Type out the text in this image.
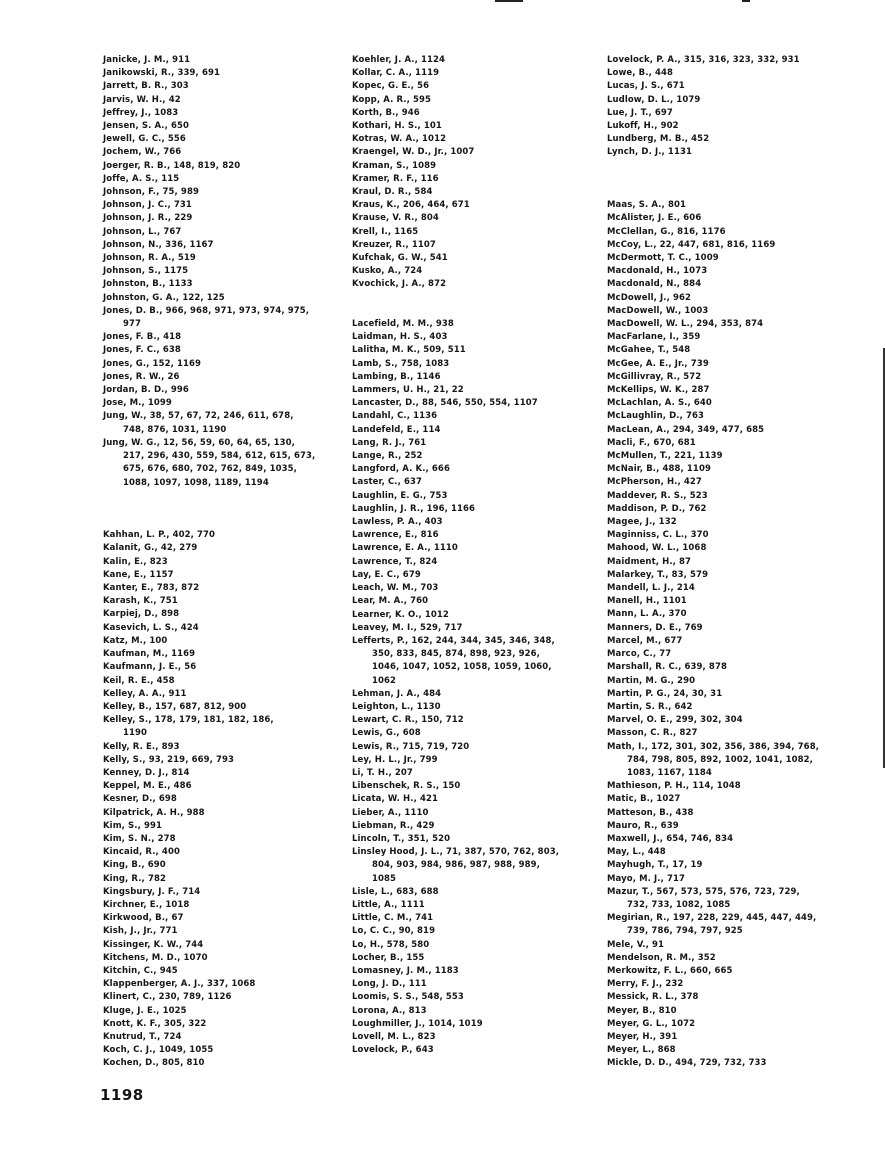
Janicke, J. M., 911
Janikowski, R., 339, 691
Jarrett, B. R., 303
Jarvis, W. H., 42
Jeffrey, J., 1083
Jensen, S. A., 650
Jewell, G. C., 556
Jochem, W., 766
Joerger, R. B., 148, 819, 820
Joffe, A. S., 115
Johnson, F., 75, 989
Johnson, J. C., 731
Johnson, J. R., 229
Johnson, L., 767
Johnson, N., 336, 1167
Johnson, R. A., 519
Johnson, S., 1175
Johnston, B., 1133
Johnston, G. A., 122, 125
Jones, D. B., 966, 968, 971, 973, 974, 975,
977
Jones, F. B., 418
Jones, F. C., 638
Jones, G., 152, 1169
Jones, R. W., 26
Jordan, B. D., 996
Jose, M., 1099
Jung, W., 38, 57, 67, 72, 246, 611, 678,
748, 876, 1031, 1190
Jung, W. G., 12, 56, 59, 60, 64, 65, 130,
217, 296, 430, 559, 584, 612, 615, 673,
675, 676, 680, 702, 762, 849, 1035,
1088, 1097, 1098, 1189, 1194
Kahhan, L. P., 402, 770
Kalanit, G., 42, 279
Kalin, E., 823
Kane, E., 1157
Kanter, E., 783, 872
Karash, K., 751
Karpiej, D., 898
Kasevich, L. S., 424
Katz, M., 100
Kaufman, M., 1169
Kaufmann, J. E., 56
Keil, R. E., 458
Kelley, A. A., 911
Kelley, B., 157, 687, 812, 900
Kelley, S., 178, 179, 181, 182, 186,
1190
Kelly, R. E., 893
Kelly, S., 93, 219, 669, 793
Kenney, D. J., 814
Keppel, M. E., 486
Kesner, D., 698
Kilpatrick, A. H., 988
Kim, S., 991
Kim, S. N., 278
Kincaid, R., 400
King, B., 690
King, R., 782
Kingsbury, J. F., 714
Kirchner, E., 1018
Kirkwood, B., 67
Kish, J., Jr., 771
Kissinger, K. W., 744
Kitchens, M. D., 1070
Kitchin, C., 945
Klappenberger, A. J., 337, 1068
Klinert, C., 230, 789, 1126
Kluge, J. E., 1025
Knott, K. F., 305, 322
Knutrud, T., 724
Koch, C. J., 1049, 1055
Kochen, D., 805, 810
Koehler, J. A., 1124
Kollar, C. A., 1119
Kopec, G. E., 56
Kopp, A. R., 595
Korth, B., 946
Kothari, H. S., 101
Kotras, W. A., 1012
Kraengel, W. D., Jr., 1007
Kraman, S., 1089
Kramer, R. F., 116
Kraul, D. R., 584
Kraus, K., 206, 464, 671
Krause, V. R., 804
Krell, I., 1165
Kreuzer, R., 1107
Kufchak, G. W., 541
Kusko, A., 724
Kvochick, J. A., 872
Lacefield, M. M., 938
Laidman, H. S., 403
Lalitha, M. K., 509, 511
Lamb, S., 758, 1083
Lambing, B., 1146
Lammers, U. H., 21, 22
Lancaster, D., 88, 546, 550, 554, 1107
Landahl, C., 1136
Landefeld, E., 114
Lang, R. J., 761
Lange, R., 252
Langford, A. K., 666
Laster, C., 637
Laughlin, E. G., 753
Laughlin, J. R., 196, 1166
Lawless, P. A., 403
Lawrence, E., 816
Lawrence, E. A., 1110
Lawrence, T., 824
Lay, E. C., 679
Leach, W. M., 703
Lear, M. A., 760
Learner, K. O., 1012
Leavey, M. I., 529, 717
Lefferts, P., 162, 244, 344, 345, 346, 348,
350, 833, 845, 874, 898, 923, 926,
1046, 1047, 1052, 1058, 1059, 1060,
1062
Lehman, J. A., 484
Leighton, L., 1130
Lewart, C. R., 150, 712
Lewis, G., 608
Lewis, R., 715, 719, 720
Ley, H. L., Jr., 799
Li, T. H., 207
Libenschek, R. S., 150
Licata, W. H., 421
Lieber, A., 1110
Liebman, R., 429
Lincoln, T., 351, 520
Linsley Hood, J. L., 71, 387, 570, 762, 803,
804, 903, 984, 986, 987, 988, 989,
1085
Lisle, L., 683, 688
Little, A., 1111
Little, C. M., 741
Lo, C. C., 90, 819
Lo, H., 578, 580
Locher, B., 155
Lomasney, J. M., 1183
Long, J. D., 111
Loomis, S. S., 548, 553
Lorona, A., 813
Loughmiller, J., 1014, 1019
Lovell, M. L., 823
Lovelock, P., 643
Lovelock, P. A., 315, 316, 323, 332, 931
Lowe, B., 448
Lucas, J. S., 671
Ludlow, D. L., 1079
Lue, J. T., 697
Lukoff, H., 902
Lundberg, M. B., 452
Lynch, D. J., 1131
Maas, S. A., 801
McAlister, J. E., 606
McClellan, G., 816, 1176
McCoy, L., 22, 447, 681, 816, 1169
McDermott, T. C., 1009
Macdonald, H., 1073
Macdonald, N., 884
McDowell, J., 962
MacDowell, W., 1003
MacDowell, W. L., 294, 353, 874
MacFarlane, I., 359
McGahee, T., 548
McGee, A. E., Jr., 739
McGillivray, R., 572
McKellips, W. K., 287
McLachlan, A. S., 640
McLaughlin, D., 763
MacLean, A., 294, 349, 477, 685
Macli, F., 670, 681
McMullen, T., 221, 1139
McNair, B., 488, 1109
McPherson, H., 427
Maddever, R. S., 523
Maddison, P. D., 762
Magee, J., 132
Maginniss, C. L., 370
Mahood, W. L., 1068
Maidment, H., 87
Malarkey, T., 83, 579
Mandell, L. J., 214
Manell, H., 1101
Mann, L. A., 370
Manners, D. E., 769
Marcel, M., 677
Marco, C., 77
Marshall, R. C., 639, 878
Martin, M. G., 290
Martin, P. G., 24, 30, 31
Martin, S. R., 642
Marvel, O. E., 299, 302, 304
Masson, C. R., 827
Math, I., 172, 301, 302, 356, 386, 394, 768,
784, 798, 805, 892, 1002, 1041, 1082,
1083, 1167, 1184
Mathieson, P. H., 114, 1048
Matic, B., 1027
Matteson, B., 438
Mauro, R., 639
Maxwell, J., 654, 746, 834
May, L., 448
Mayhugh, T., 17, 19
Mayo, M. J., 717
Mazur, T., 567, 573, 575, 576, 723, 729,
732, 733, 1082, 1085
Megirian, R., 197, 228, 229, 445, 447, 449,
739, 786, 794, 797, 925
Mele, V., 91
Mendelson, R. M., 352
Merkowitz, F. L., 660, 665
Merry, F. J., 232
Messick, R. L., 378
Meyer, B., 810
Meyer, G. L., 1072
Meyer, H., 391
Meyer, L., 868
Mickle, D. D., 494, 729, 732, 733
1198
